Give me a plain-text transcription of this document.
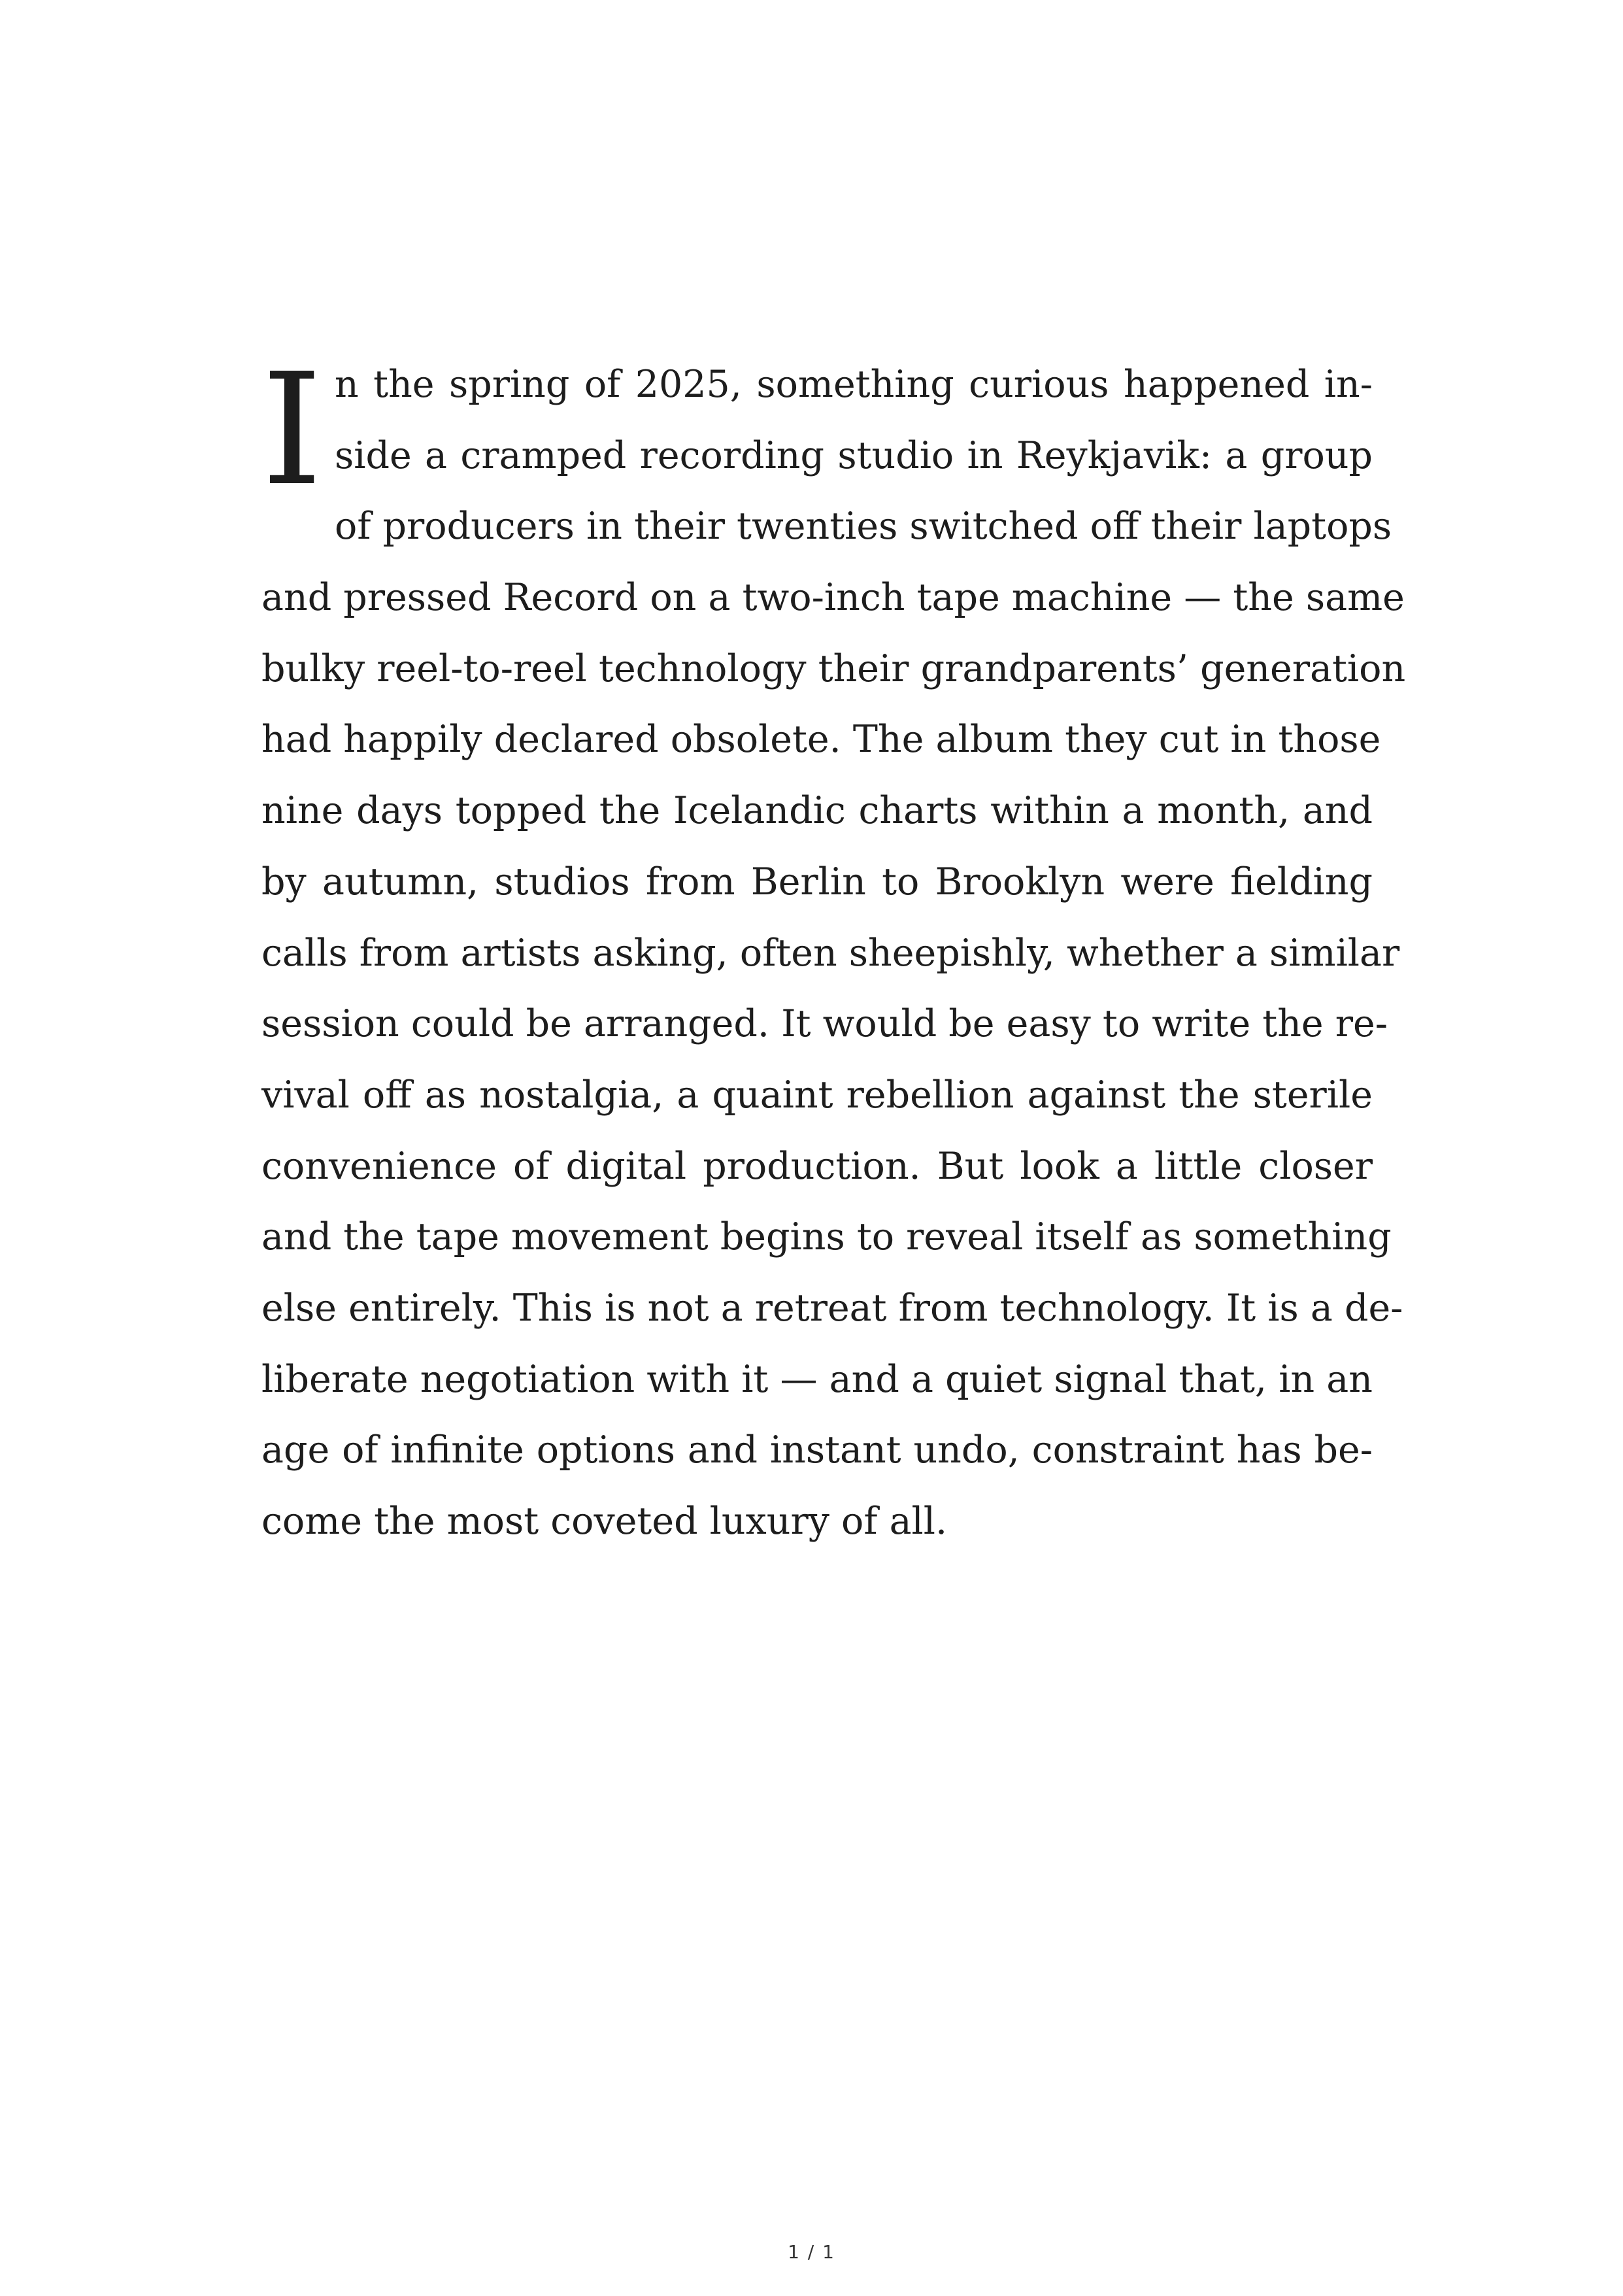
I n the spring of 2025, something curious happened in-
side a cramped recording studio in Reykjavik: a group
of producers in their twenties switched off their laptops
and pressed Record on a two-inch tape machine — the same
bulky reel-to-reel technology their grandparents’ generation
had happily declared obsolete. The album they cut in those
nine days topped the Icelandic charts within a month, and
by autumn, studios from Berlin to Brooklyn were fielding
calls from artists asking, often sheepishly, whether a similar
session could be arranged. It would be easy to write the re-
vival off as nostalgia, a quaint rebellion against the sterile
convenience of digital production. But look a little closer
and the tape movement begins to reveal itself as something
else entirely. This is not a retreat from technology. It is a de-
liberate negotiation with it — and a quiet signal that, in an
age of infinite options and instant undo, constraint has be-
come the most coveted luxury of all.
1 / 1
